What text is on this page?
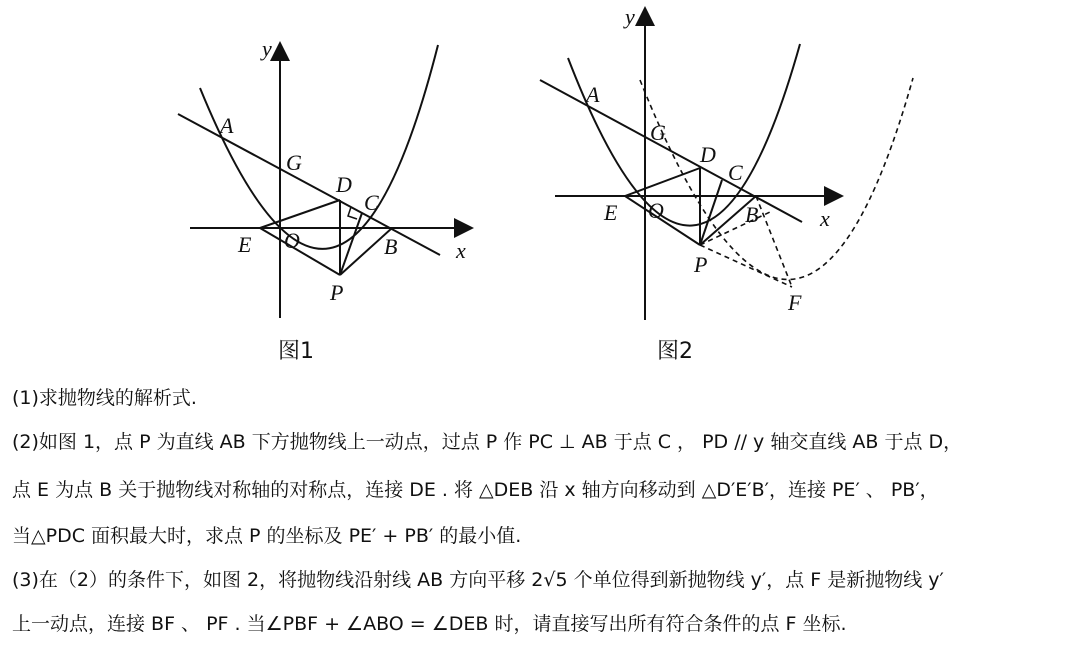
A
G
D
C
E O	B
P
x
y
A
G
D
C
E O	B
P
F
x
y
图1	图2
(1)求抛物线的解析式.
(2)如图 1，点 P 为直线 AB 下方抛物线上一动点，过点 P 作 PC ⊥ AB 于点 C ， PD // y 轴交直线 AB 于点 D，
点 E 为点 B 关于抛物线对称轴的对称点，连接 DE . 将 △DEB 沿 x 轴方向移动到 △D′E′B′，连接 PE′ 、 PB′，
当△PDC 面积最大时，求点 P 的坐标及 PE′ + PB′ 的最小值.
(3)在（2）的条件下，如图 2，将抛物线沿射线 AB 方向平移 2√5 个单位得到新抛物线 y′，点 F 是新抛物线 y′
上一动点，连接 BF 、 PF . 当∠PBF + ∠ABO = ∠DEB 时，请直接写出所有符合条件的点 F 坐标.
